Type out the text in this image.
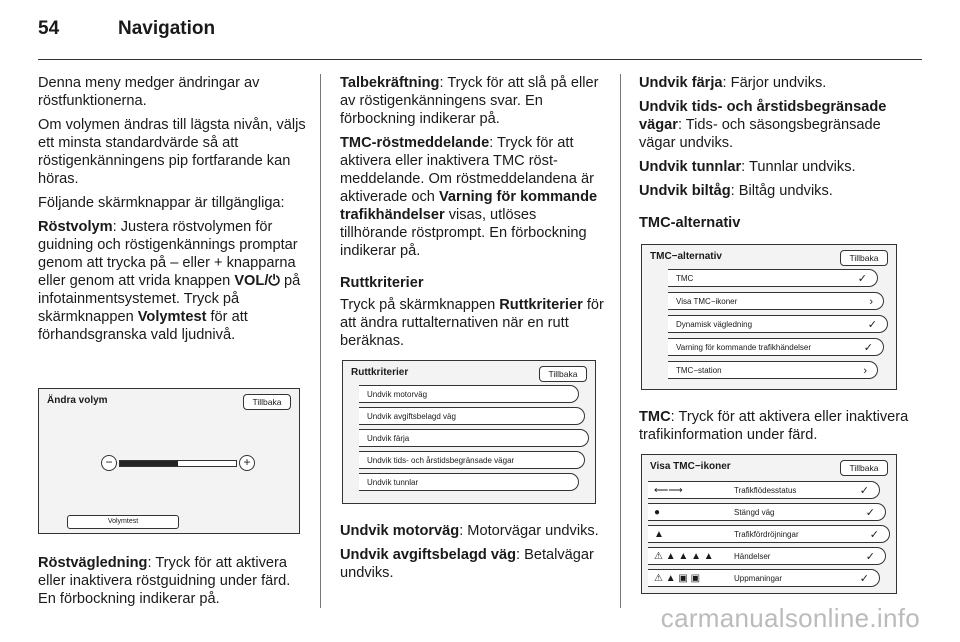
54	Navigation

Denna meny medger ändringar av röstfunktionerna.

Om volymen ändras till lägsta nivån, väljs ett minsta standardvärde så att röstigenkänningens pip fortfarande kan höras.

Följande skärmknappar är tillgängliga:

Röstvolym: Justera röstvolymen för guidning och röstigenkännings promptar genom att trycka på – eller + knapparna eller genom att vrida knappen VOL/⏻ på infotainmentsystemet. Tryck på skärmknappen Volymtest för att förhandsgranska vald ljudnivå.

Ändra volym	Tillbaka
−	+
Volymtest

Röstvägledning: Tryck för att aktivera eller inaktivera röstguidning under färd. En förbockning indikerar på.

Talbekräftning: Tryck för att slå på eller av röstigenkänningens svar. En förbockning indikerar på.

TMC-röstmeddelande: Tryck för att aktivera eller inaktivera TMC röstmeddelande. Om röstmeddelandena är aktiverade och Varning för kommande trafikhändelser visas, utlöses tillhörande röstprompt. En förbockning indikerar på.

Ruttkriterier

Tryck på skärmknappen Ruttkriterier för att ändra ruttalternativen när en rutt beräknas.

Ruttkriterier	Tillbaka
Undvik motorväg
Undvik avgiftsbelagd väg
Undvik färja
Undvik tids- och årstidsbegränsade vägar
Undvik tunnlar

Undvik motorväg: Motorvägar undviks.

Undvik avgiftsbelagd väg: Betalvägar undviks.

Undvik färja: Färjor undviks.

Undvik tids- och årstidsbegränsade vägar: Tids- och säsongsbegränsade vägar undviks.

Undvik tunnlar: Tunnlar undviks.

Undvik biltåg: Biltåg undviks.

TMC-alternativ
TMC−alternativ	Tillbaka
TMC	✓
Visa TMC−ikoner	›
Dynamisk vägledning	✓
Varning för kommande trafikhändelser	✓
TMC−station	›

TMC: Tryck för att aktivera eller inaktivera trafikinformation under färd.

Visa TMC−ikoner	Tillbaka
⟵⟶	Trafikflödesstatus	✓
●	Stängd väg	✓
▲	Trafikfördröjningar	✓
⚠ ▲ ▲ ▲ ▲	Händelser	✓
⚠ ▲ ▣ ▣	Uppmaningar	✓
carmanualsonline.info
